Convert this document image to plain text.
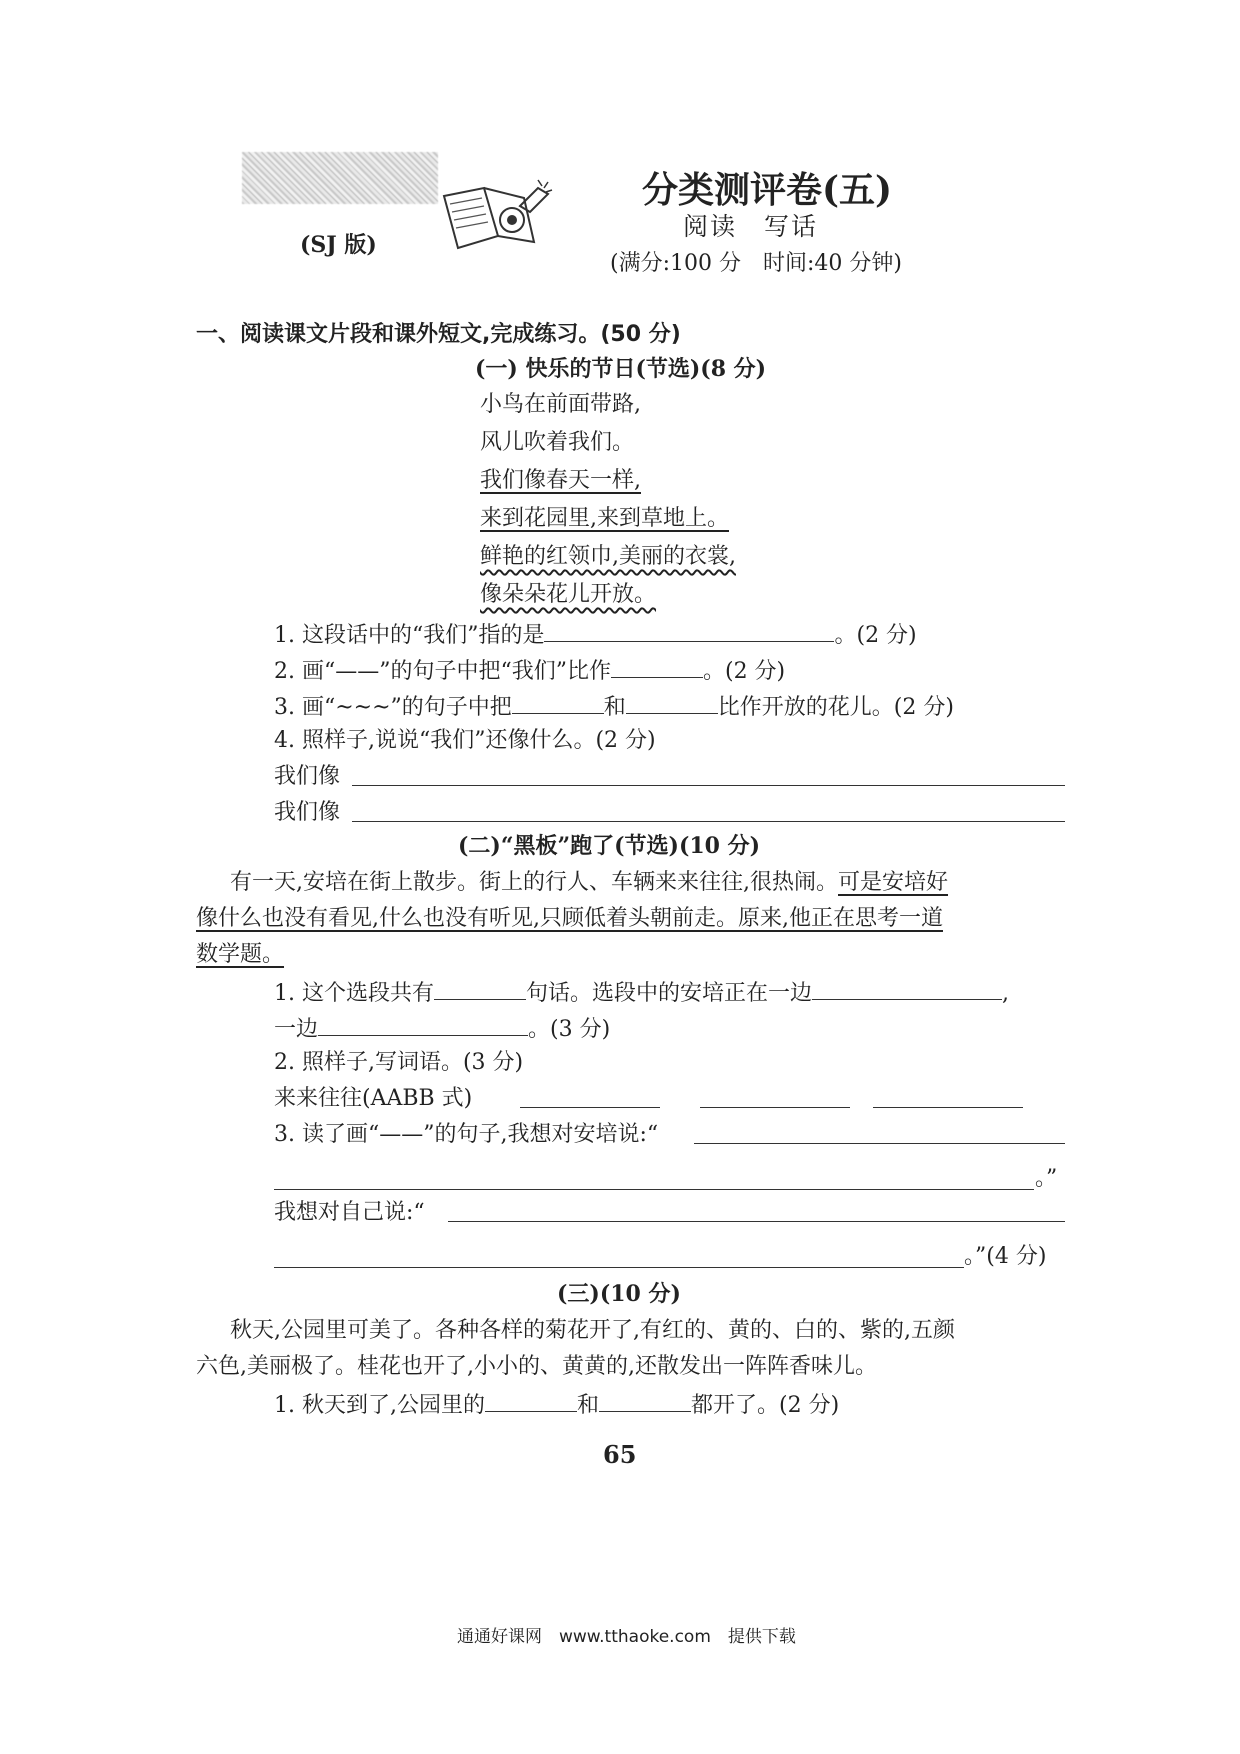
(SJ 版)
分类测评卷(五)
阅读　写话
(满分:100 分　时间:40 分钟)
一、阅读课文片段和课外短文,完成练习。(50 分)
(一) 快乐的节日(节选)(8 分)
小鸟在前面带路,
风儿吹着我们。
我们像春天一样,
来到花园里,来到草地上。
鲜艳的红领巾,美丽的衣裳,
像朵朵花儿开放。
1. 这段话中的“我们”指的是	。(2 分)
2. 画“——”的句子中把“我们”比作	。(2 分)
3. 画“~~~”的句子中把	和	比作开放的花儿。(2 分)
4. 照样子,说说“我们”还像什么。(2 分)
我们像
我们像
(二)“黑板”跑了(节选)(10 分)
有一天,安培在街上散步。街上的行人、车辆来来往往,很热闹。可是安培好
像什么也没有看见,什么也没有听见,只顾低着头朝前走。原来,他正在思考一道
数学题。
1. 这个选段共有	句话。选段中的安培正在一边	,
一边	。(3 分)
2. 照样子,写词语。(3 分)
来来往往(AABB 式)
3. 读了画“——”的句子,我想对安培说:“
。”
我想对自己说:“
。”(4 分)
(三)(10 分)
秋天,公园里可美了。各种各样的菊花开了,有红的、黄的、白的、紫的,五颜
六色,美丽极了。桂花也开了,小小的、黄黄的,还散发出一阵阵香味儿。
1. 秋天到了,公园里的	和	都开了。(2 分)
65
通通好课网　www.tthaoke.com　提供下载
